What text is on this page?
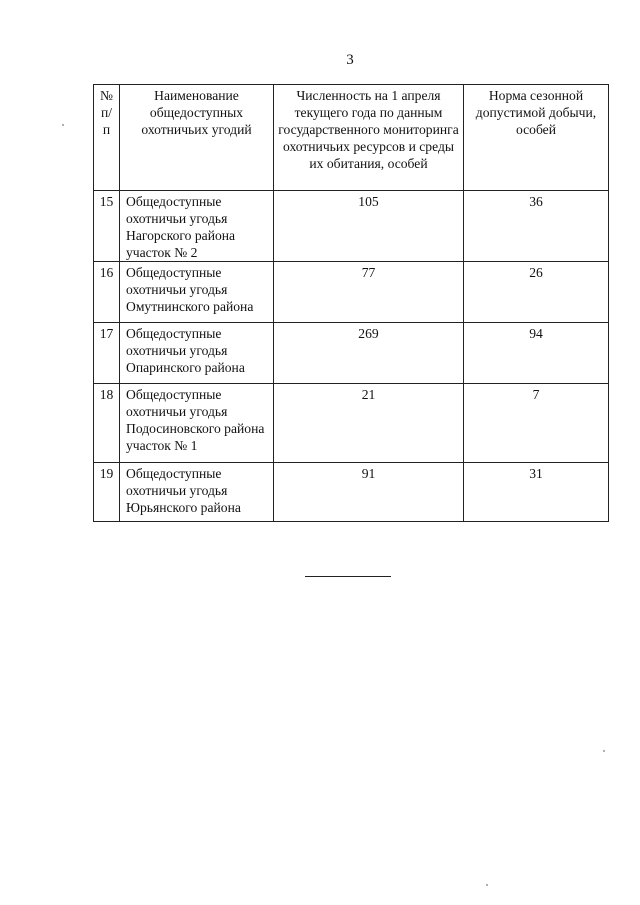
3
№ п/п	Наименование общедоступных охотничьих угодий	Численность на 1 апреля текущего года по данным государственного мониторинга охотничьих ресурсов и среды их обитания, особей	Норма сезонной допустимой добычи, особей
15	Общедоступные охотничьи угодья Нагорского района участок № 2	105	36
16	Общедоступные охотничьи угодья Омутнинского района	77	26
17	Общедоступные охотничьи угодья Опаринского района	269	94
18	Общедоступные охотничьи угодья Подосиновского района участок № 1	21	7
19	Общедоступные охотничьи угодья Юрьянского района	91	31
